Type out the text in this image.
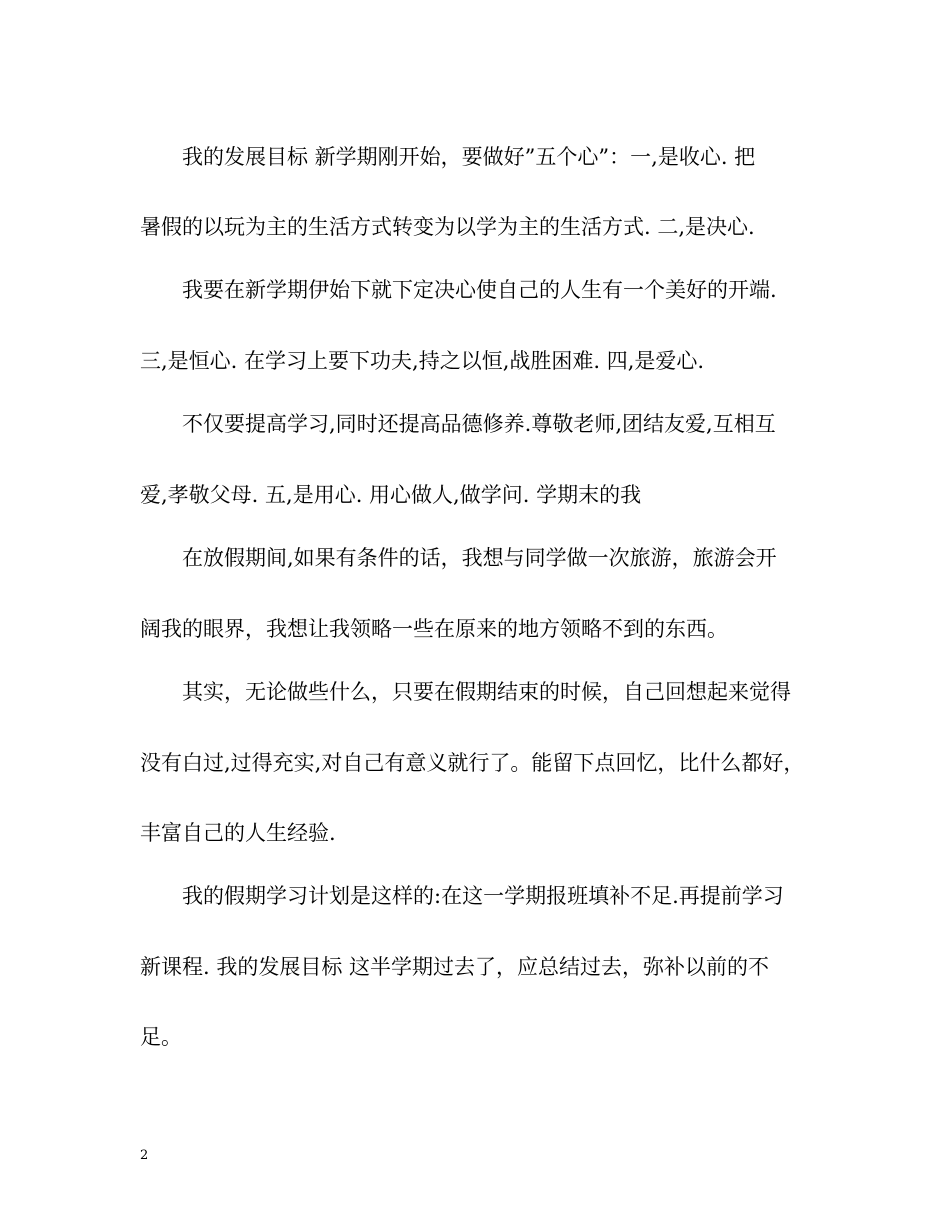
我的发展目标 新学期刚开始，要做好”五个心”：一,是收心. 把
暑假的以玩为主的生活方式转变为以学为主的生活方式. 二,是决心.
我要在新学期伊始下就下定决心使自己的人生有一个美好的开端.
三,是恒心. 在学习上要下功夫,持之以恒,战胜困难. 四,是爱心.
不仅要提高学习,同时还提高品德修养.尊敬老师,团结友爱,互相互
爱,孝敬父母. 五,是用心. 用心做人,做学问. 学期末的我
在放假期间,如果有条件的话，我想与同学做一次旅游，旅游会开
阔我的眼界，我想让我领略一些在原来的地方领略不到的东西。
其实，无论做些什么，只要在假期结束的时候，自己回想起来觉得
没有白过,过得充实,对自己有意义就行了。能留下点回忆，比什么都好，
丰富自己的人生经验.
我的假期学习计划是这样的:在这一学期报班填补不足.再提前学习
新课程. 我的发展目标 这半学期过去了，应总结过去，弥补以前的不
足。
2
